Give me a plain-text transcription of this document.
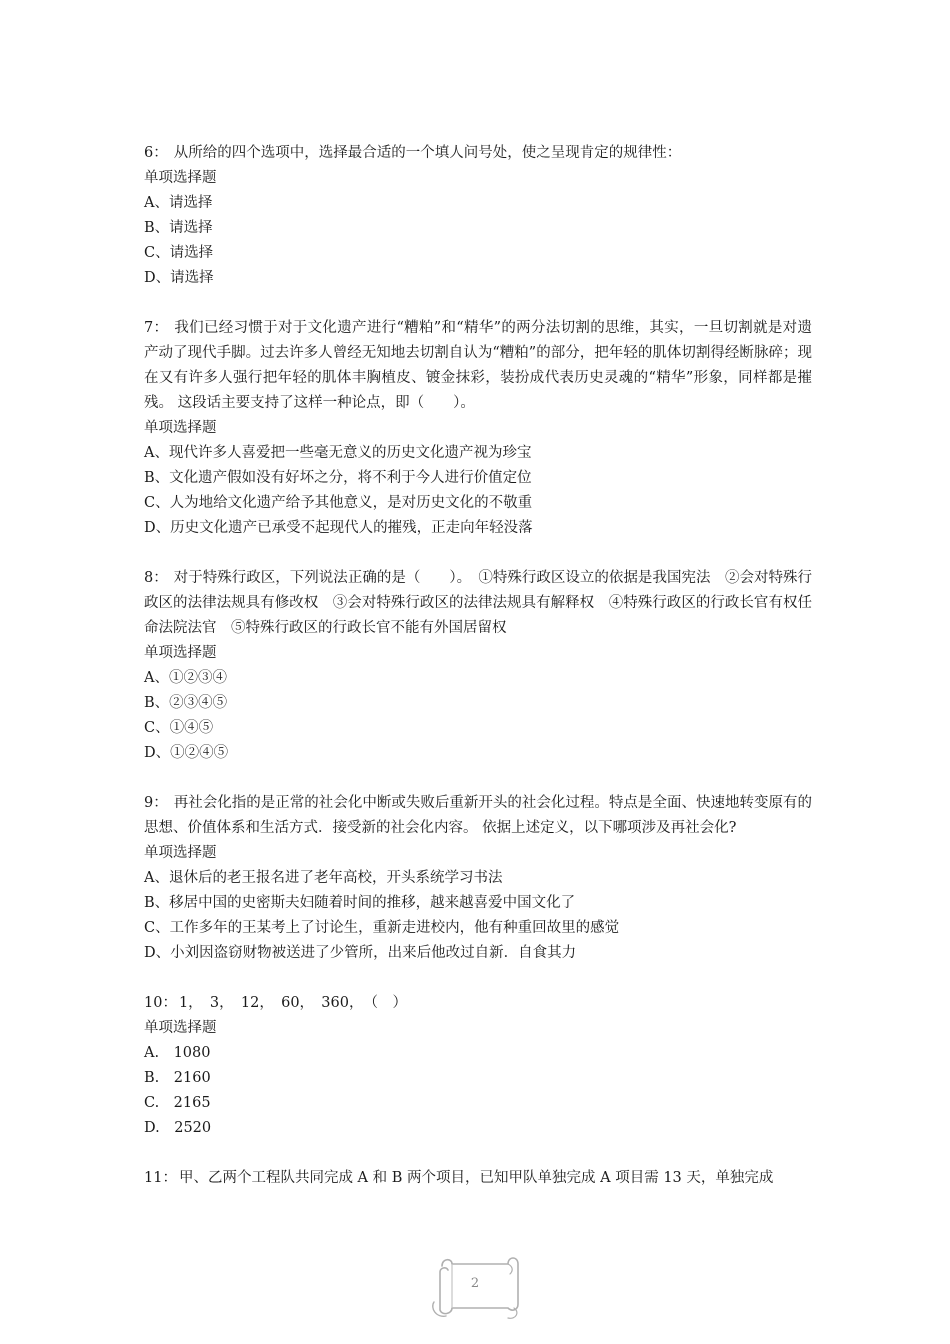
6： 从所给的四个选项中，选择最合适的一个填人问号处，使之呈现肯定的规律性：

单项选择题

A、请选择

B、请选择

C、请选择

D、请选择

7： 我们已经习惯于对于文化遗产进行“糟粕”和“精华”的两分法切割的思维，其实，一旦切割就是对遗产动了现代手脚。过去许多人曾经无知地去切割自认为“糟粕”的部分，把年轻的肌体切割得经断脉碎；现在又有许多人强行把年轻的肌体丰胸植皮、镀金抹彩，装扮成代表历史灵魂的“精华”形象，同样都是摧残。 这段话主要支持了这样一种论点，即（　　）。

单项选择题

A、现代许多人喜爱把一些毫无意义的历史文化遗产视为珍宝

B、文化遗产假如没有好坏之分，将不利于今人进行价值定位

C、人为地给文化遗产给予其他意义，是对历史文化的不敬重

D、历史文化遗产已承受不起现代人的摧残，正走向年轻没落

8： 对于特殊行政区，下列说法正确的是（　　）。　①特殊行政区设立的依据是我国宪法　②会对特殊行政区的法律法规具有修改权　③会对特殊行政区的法律法规具有解释权　④特殊行政区的行政长官有权任命法院法官　⑤特殊行政区的行政长官不能有外国居留权

单项选择题

A、①②③④

B、②③④⑤

C、①④⑤

D、①②④⑤

9： 再社会化指的是正常的社会化中断或失败后重新开头的社会化过程。特点是全面、快速地转变原有的思想、价值体系和生活方式．接受新的社会化内容。 依据上述定义，以下哪项涉及再社会化?

单项选择题

A、退休后的老王报名进了老年高校，开头系统学习书法

B、移居中国的史密斯夫妇随着时间的推移，越来越喜爱中国文化了

C、工作多年的王某考上了讨论生，重新走进校内，他有种重回故里的感觉

D、小刘因盗窃财物被送进了少管所，出来后他改过自新．自食其力

10： 1，　3，　12，　60，　360，　（　）

单项选择题

A.　1080

B.　2160

C.　2165

D.　2520

11： 甲、乙两个工程队共同完成 A 和 B 两个项目，已知甲队单独完成 A 项目需 13 天，单独完成

2
